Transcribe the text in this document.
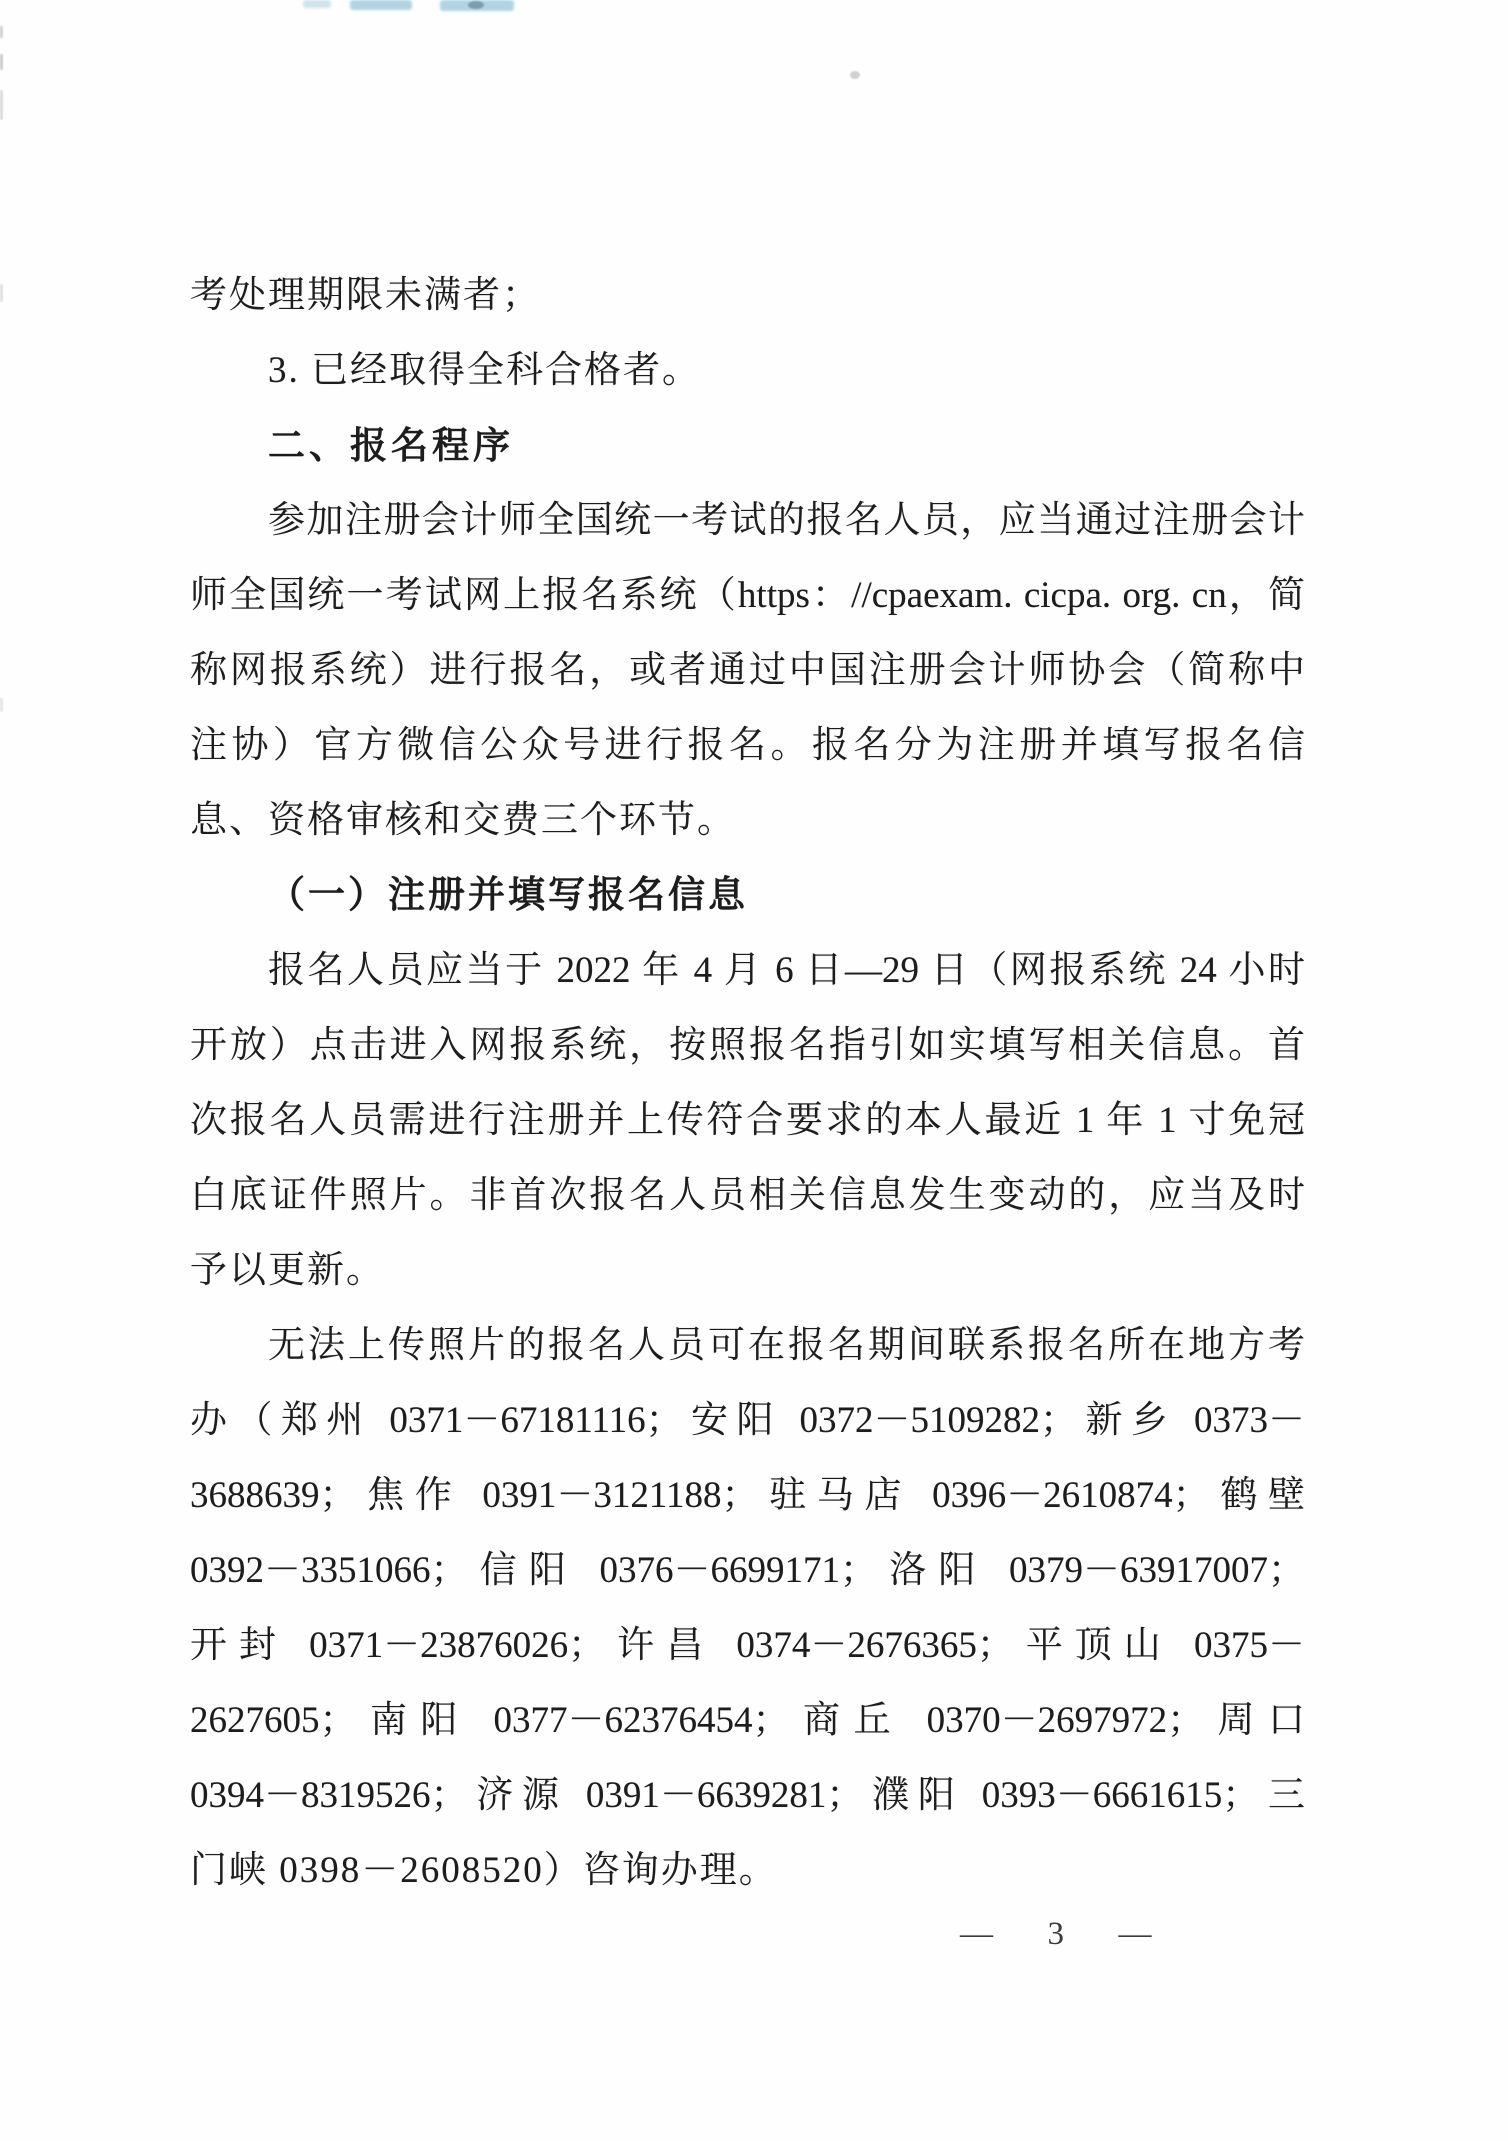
考处理期限未满者；
3. 已经取得全科合格者。
二、报名程序
参加注册会计师全国统一考试的报名人员，应当通过注册会计
师全国统一考试网上报名系统（https：//cpaexam. cicpa. org. cn，简
称网报系统）进行报名，或者通过中国注册会计师协会（简称中
注协）官方微信公众号进行报名。报名分为注册并填写报名信
息、资格审核和交费三个环节。
（一）注册并填写报名信息
报名人员应当于 2022 年 4 月 6 日—29 日（网报系统 24 小时
开放）点击进入网报系统，按照报名指引如实填写相关信息。首
次报名人员需进行注册并上传符合要求的本人最近 1 年 1 寸免冠
白底证件照片。非首次报名人员相关信息发生变动的，应当及时
予以更新。
无法上传照片的报名人员可在报名期间联系报名所在地方考
办（郑州 0371－67181116；安阳 0372－5109282；新乡 0373－
3688639；焦作 0391－3121188；驻马店 0396－2610874；鹤壁
0392－3351066；信阳 0376－6699171；洛阳 0379－63917007；
开封 0371－23876026；许昌 0374－2676365；平顶山 0375－
2627605；南阳 0377－62376454；商丘 0370－2697972；周口
0394－8319526；济源 0391－6639281；濮阳 0393－6661615；三
门峡 0398－2608520）咨询办理。
—  3  —
